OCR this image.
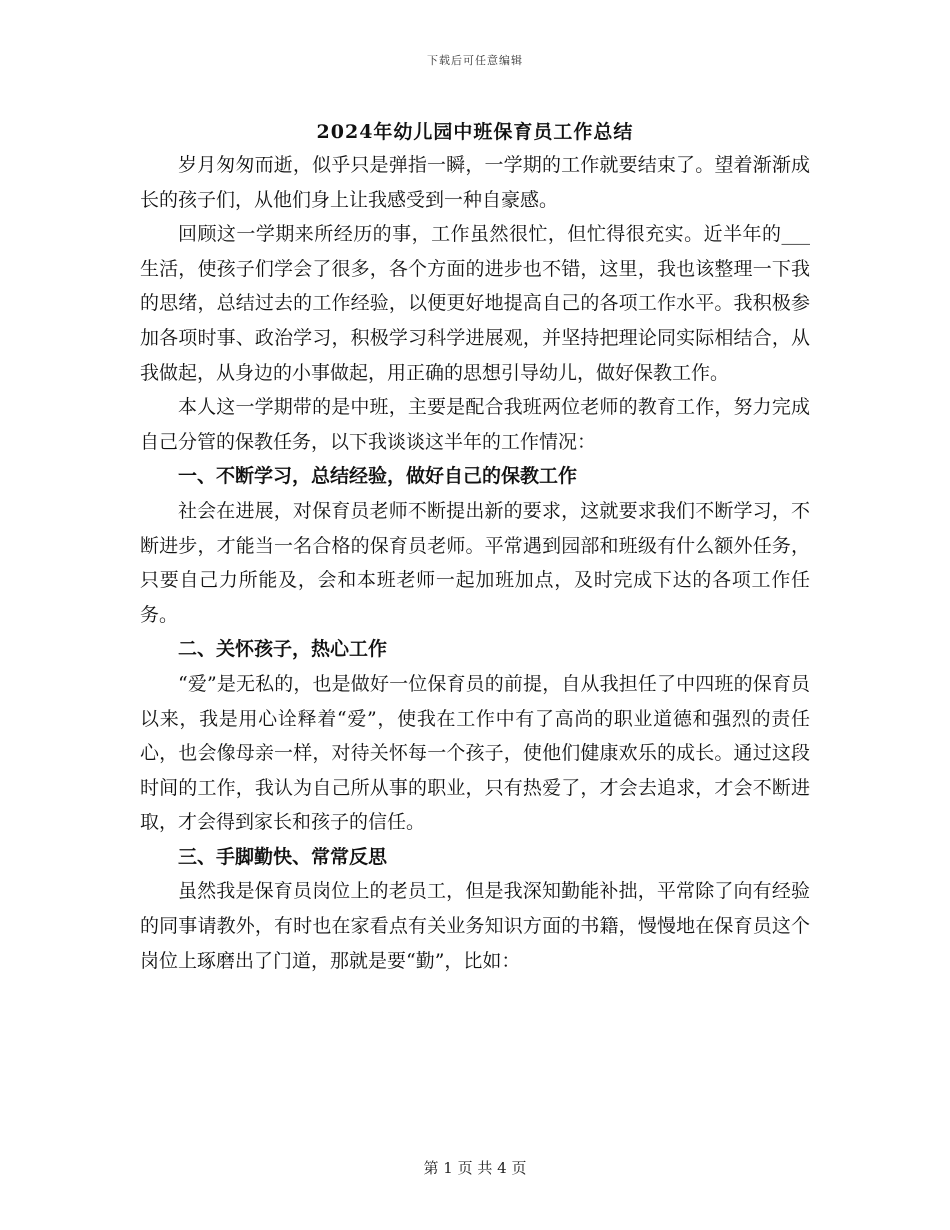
下载后可任意编辑
2024年幼儿园中班保育员工作总结

岁月匆匆而逝，似乎只是弹指一瞬，一学期的工作就要结束了。望着渐渐成长的孩子们，从他们身上让我感受到一种自豪感。

回顾这一学期来所经历的事，工作虽然很忙，但忙得很充实。近半年的___生活，使孩子们学会了很多，各个方面的进步也不错，这里，我也该整理一下我的思绪，总结过去的工作经验，以便更好地提高自己的各项工作水平。我积极参加各项时事、政治学习，积极学习科学进展观，并坚持把理论同实际相结合，从我做起，从身边的小事做起，用正确的思想引导幼儿，做好保教工作。

本人这一学期带的是中班，主要是配合我班两位老师的教育工作，努力完成自己分管的保教任务，以下我谈谈这半年的工作情况：

一、不断学习，总结经验，做好自己的保教工作

社会在进展，对保育员老师不断提出新的要求，这就要求我们不断学习，不断进步，才能当一名合格的保育员老师。平常遇到园部和班级有什么额外任务，只要自己力所能及，会和本班老师一起加班加点，及时完成下达的各项工作任务。

二、关怀孩子，热心工作

“爱”是无私的，也是做好一位保育员的前提，自从我担任了中四班的保育员以来，我是用心诠释着“爱”，使我在工作中有了高尚的职业道德和强烈的责任心，也会像母亲一样，对待关怀每一个孩子，使他们健康欢乐的成长。通过这段时间的工作，我认为自己所从事的职业，只有热爱了，才会去追求，才会不断进取，才会得到家长和孩子的信任。

三、手脚勤快、常常反思

虽然我是保育员岗位上的老员工，但是我深知勤能补拙，平常除了向有经验的同事请教外，有时也在家看点有关业务知识方面的书籍，慢慢地在保育员这个岗位上琢磨出了门道，那就是要“勤”，比如：

第 1 页 共 4 页
